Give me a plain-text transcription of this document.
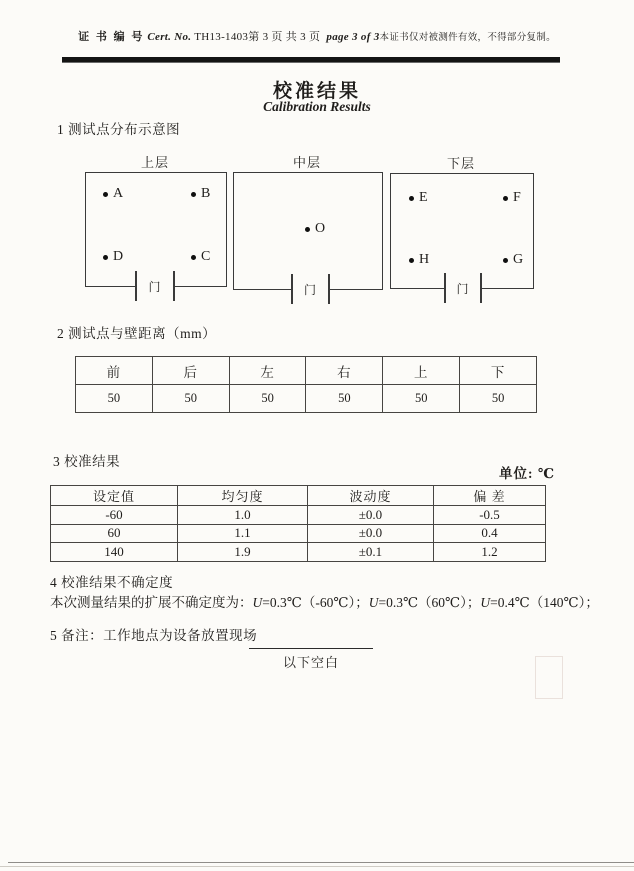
证 书 编 号 Cert. No. TH13-1403第 3 页 共 3 页 page 3 of 3本证书仅对被测件有效，不得部分复制。
校准结果
Calibration Results
1 测试点分布示意图
上层
A	B
D	C
门
中层
O
门
下层
E	F
H	G
门
2 测试点与壁距离（mm）
前	后	左	右	上	下
50	50	50	50	50	50
3 校准结果
单位: ℃
设定值	均匀度	波动度	偏 差
-60	1.0	±0.0	-0.5
60	1.1	±0.0	0.4
140	1.9	±0.1	1.2
4 校准结果不确定度
本次测量结果的扩展不确定度为：U=0.3℃（-60℃）；U=0.3℃（60℃）；U=0.4℃（140℃）；
5 备注：工作地点为设备放置现场
以下空白
